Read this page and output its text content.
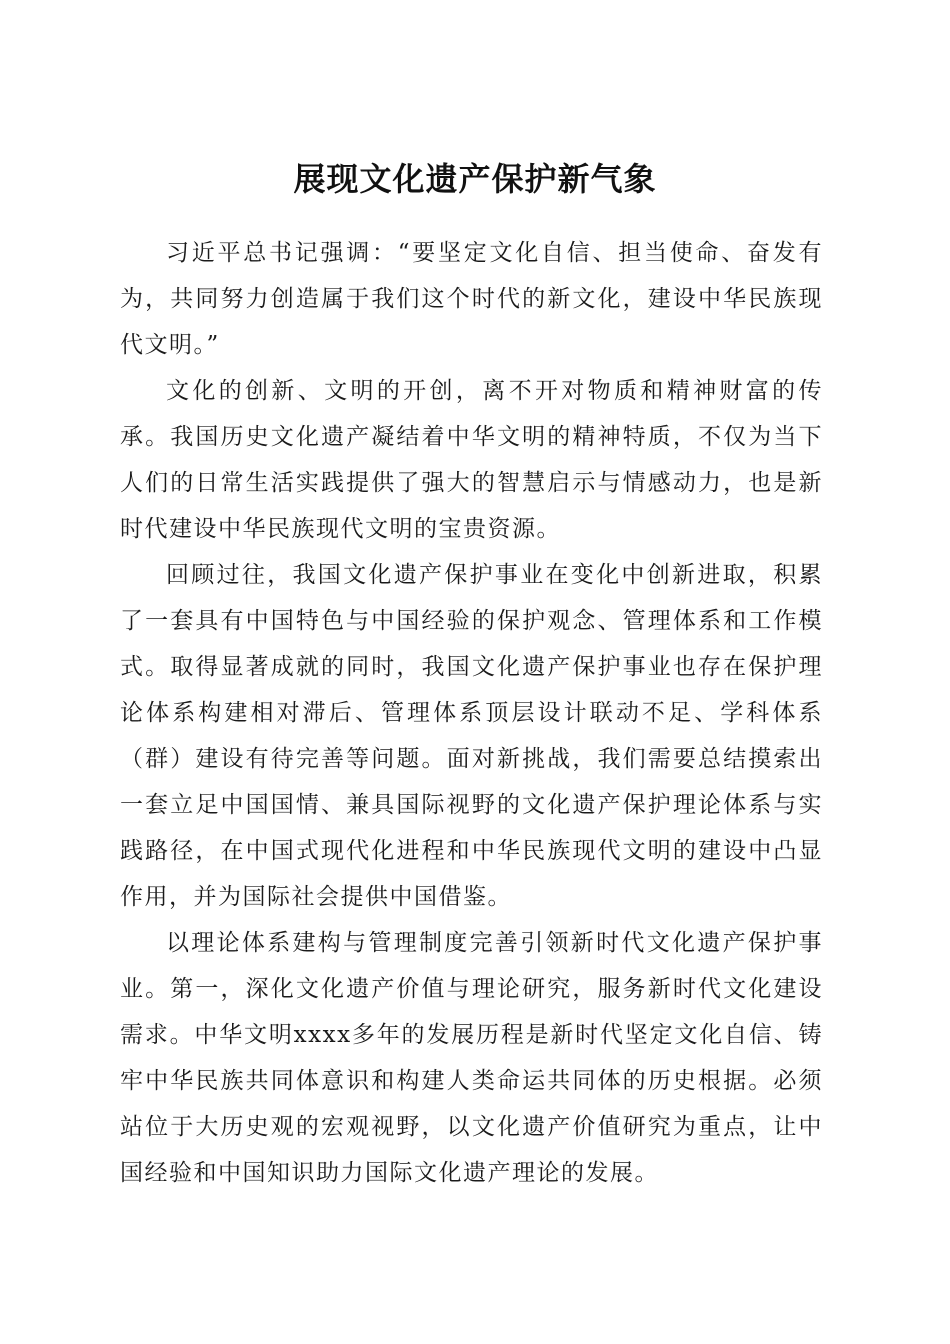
展现文化遗产保护新气象

习近平总书记强调：“要坚定文化自信、担当使命、奋发有为，共同努力创造属于我们这个时代的新文化，建设中华民族现代文明。”

文化的创新、文明的开创，离不开对物质和精神财富的传承。我国历史文化遗产凝结着中华文明的精神特质，不仅为当下人们的日常生活实践提供了强大的智慧启示与情感动力，也是新时代建设中华民族现代文明的宝贵资源。

回顾过往，我国文化遗产保护事业在变化中创新进取，积累了一套具有中国特色与中国经验的保护观念、管理体系和工作模式。取得显著成就的同时，我国文化遗产保护事业也存在保护理论体系构建相对滞后、管理体系顶层设计联动不足、学科体系（群）建设有待完善等问题。面对新挑战，我们需要总结摸索出一套立足中国国情、兼具国际视野的文化遗产保护理论体系与实践路径，在中国式现代化进程和中华民族现代文明的建设中凸显作用，并为国际社会提供中国借鉴。

以理论体系建构与管理制度完善引领新时代文化遗产保护事业。第一，深化文化遗产价值与理论研究，服务新时代文化建设需求。中华文明xxxx多年的发展历程是新时代坚定文化自信、铸牢中华民族共同体意识和构建人类命运共同体的历史根据。必须站位于大历史观的宏观视野，以文化遗产价值研究为重点，让中国经验和中国知识助力国际文化遗产理论的发展。
